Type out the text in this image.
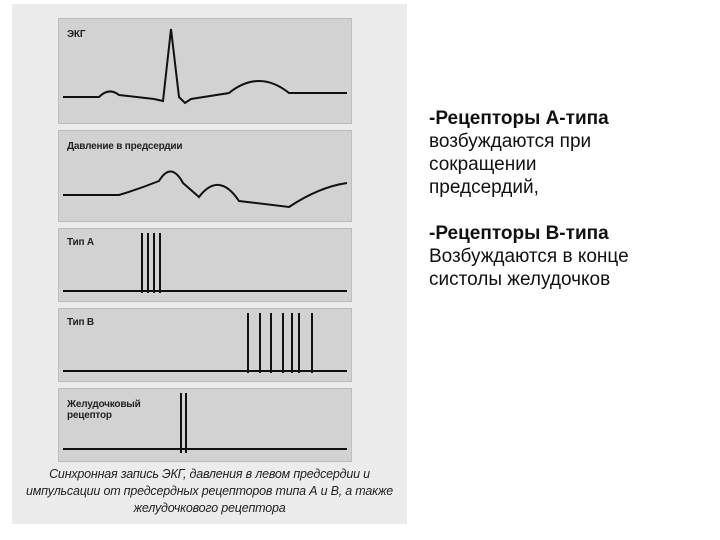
ЭКГ
Давление в предсердии
Тип А
Тип В
Желудочковый
рецептор
Синхронная запись ЭКГ, давления в левом предсердии и импульсации от предсердных рецепторов типа А и В, а также желудочкового рецептора

-Рецепторы А-типа

возбуждаются при

сокращении

предсердий,

-Рецепторы В-типа

Возбуждаются в конце

систолы желудочков
